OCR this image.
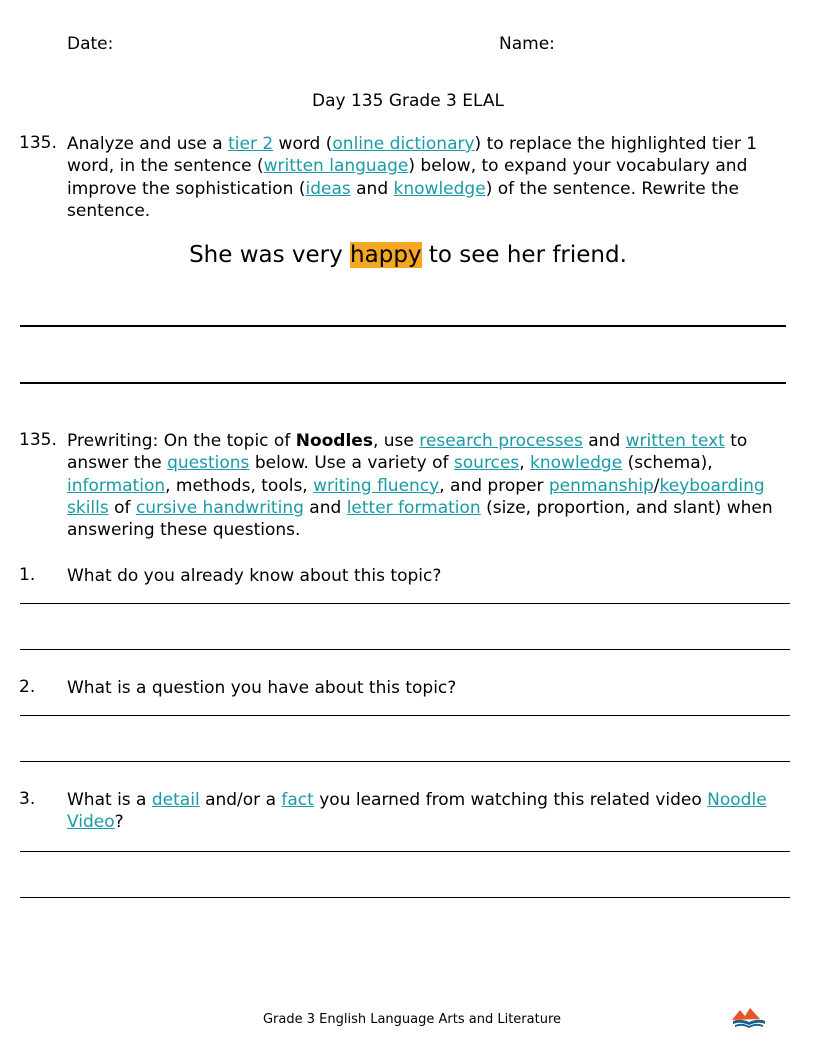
Date:	Name:
Day 135 Grade 3 ELAL
135. Analyze and use a tier 2 word (online dictionary) to replace the highlighted tier 1 word, in the sentence (written language) below, to expand your vocabulary and improve the sophistication (ideas and knowledge) of the sentence. Rewrite the sentence.
She was very happy to see her friend.
135. Prewriting: On the topic of Noodles, use research processes and written text to answer the questions below. Use a variety of sources, knowledge (schema), information, methods, tools, writing fluency, and proper penmanship/keyboarding skills of cursive handwriting and letter formation (size, proportion, and slant) when answering these questions.
1. What do you already know about this topic?
2. What is a question you have about this topic?
3. What is a detail and/or a fact you learned from watching this related video Noodle Video?
Grade 3 English Language Arts and Literature
